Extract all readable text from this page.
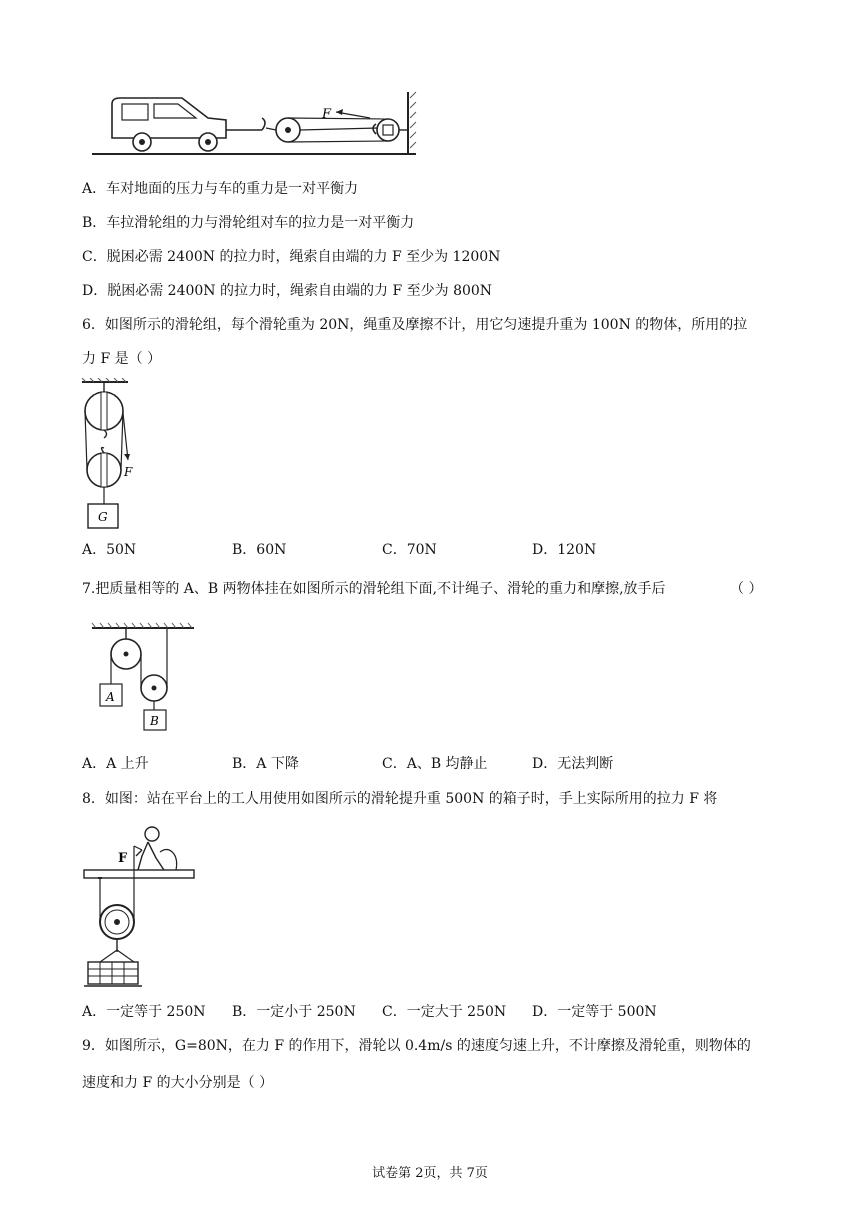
F
A．车对地面的压力与车的重力是一对平衡力
B．车拉滑轮组的力与滑轮组对车的拉力是一对平衡力
C．脱困必需 2400N 的拉力时，绳索自由端的力 F 至少为 1200N
D．脱困必需 2400N 的拉力时，绳索自由端的力 F 至少为 800N
6．如图所示的滑轮组，每个滑轮重为 20N，绳重及摩擦不计，用它匀速提升重为 100N 的物体，所用的拉
力 F 是（ ）
F
G
A．50N	B．60N	C．70N	D．120N
7.把质量相等的 A、B 两物体挂在如图所示的滑轮组下面,不计绳子、滑轮的重力和摩擦,放手后	（ ）
A
B
A．A 上升	B．A 下降	C．A、B 均静止	D．无法判断
8．如图：站在平台上的工人用使用如图所示的滑轮提升重 500N 的箱子时，手上实际所用的拉力 F 将
F
A．一定等于 250N B．一定小于 250N C．一定大于 250N D．一定等于 500N
9．如图所示，G=80N，在力 F 的作用下，滑轮以 0.4m/s 的速度匀速上升，不计摩擦及滑轮重，则物体的
速度和力 F 的大小分别是（ ）
试卷第 2页，共 7页
